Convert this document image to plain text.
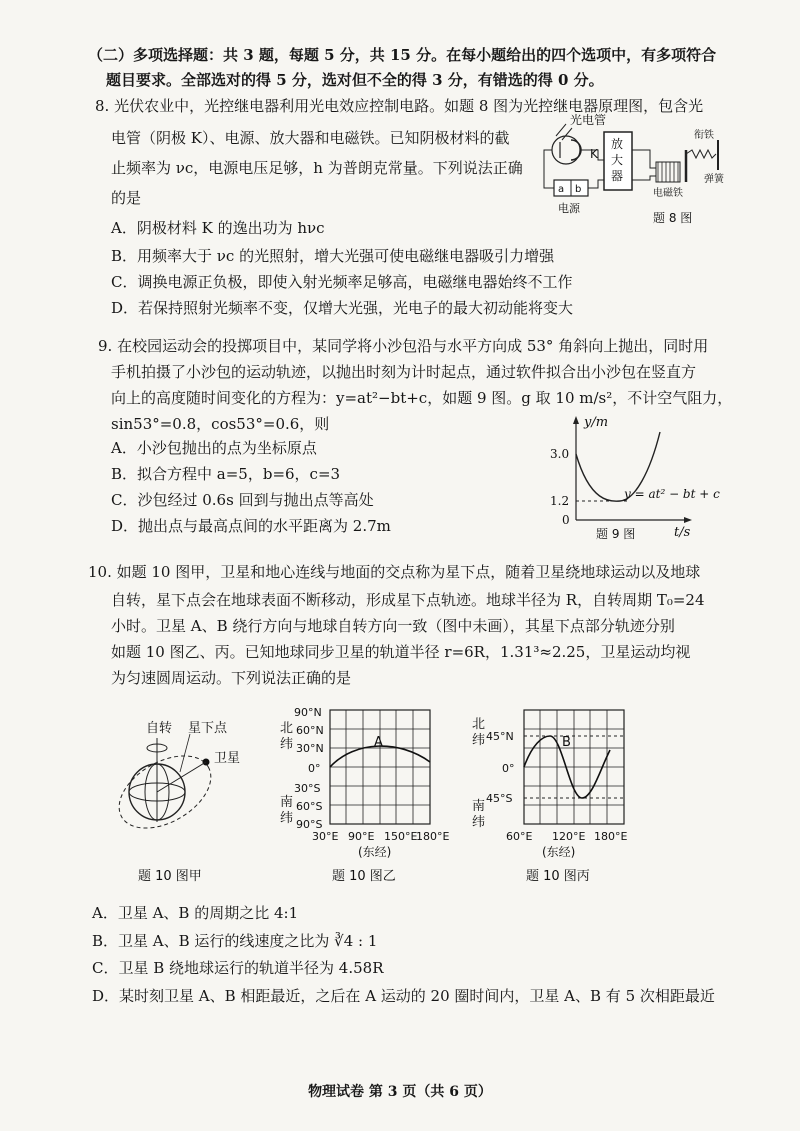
（二）多项选择题：共 3 题，每题 5 分，共 15 分。在每小题给出的四个选项中，有多项符合
题目要求。全部选对的得 5 分，选对但不全的得 3 分，有错选的得 0 分。
8. 光伏农业中，光控继电器利用光电效应控制电路。如题 8 图为光控继电器原理图，包含光
电管（阴极 K）、电源、放大器和电磁铁。已知阴极材料的截
止频率为 νc，电源电压足够，h 为普朗克常量。下列说法正确
的是
A．阴极材料 K 的逸出功为 hνc
B．用频率大于 νc 的光照射，增大光强可使电磁继电器吸引力增强
C．调换电源正负极，即使入射光频率足够高，电磁继电器始终不工作
D．若保持照射光频率不变，仅增大光强，光电子的最大初动能将变大
光电管
K
放
大
器
a b
电源
衔铁
弹簧
电磁铁
题 8 图
9. 在校园运动会的投掷项目中，某同学将小沙包沿与水平方向成 53° 角斜向上抛出，同时用
手机拍摄了小沙包的运动轨迹，以抛出时刻为计时起点，通过软件拟合出小沙包在竖直方
向上的高度随时间变化的方程为：y=at²−bt+c，如题 9 图。g 取 10 m/s²，不计空气阻力，
sin53°=0.8，cos53°=0.6，则
A．小沙包抛出的点为坐标原点
B．拟合方程中 a=5，b=6，c=3
C．沙包经过 0.6s 回到与抛出点等高处
D．抛出点与最高点间的水平距离为 2.7m
y/m
t/s
3.0
1.2
0
y = at² − bt + c
题 9 图
10. 如题 10 图甲，卫星和地心连线与地面的交点称为星下点，随着卫星绕地球运动以及地球
自转，星下点会在地球表面不断移动，形成星下点轨迹。地球半径为 R，自转周期 T₀=24
小时。卫星 A、B 绕行方向与地球自转方向一致（图中未画），其星下点部分轨迹分别
如题 10 图乙、丙。已知地球同步卫星的轨道半径 r=6R，1.31³≈2.25，卫星运动均视
为匀速圆周运动。下列说法正确的是
自转 星下点
卫星
题 10 图甲
北
纬
南
纬
90°N
60°N
30°N
0°
30°S
60°S
90°S
A
30°E 90°E 150°E
180°E
(东经)
题 10 图乙
北
纬
南
纬
45°N
0°
45°S
B
60°E 120°E 180°E
(东经)
题 10 图丙
A．卫星 A、B 的周期之比 4:1
B．卫星 A、B 运行的线速度之比为 ∛4 : 1
C．卫星 B 绕地球运行的轨道半径为 4.58R
D．某时刻卫星 A、B 相距最近，之后在 A 运动的 20 圈时间内，卫星 A、B 有 5 次相距最近
物理试卷 第 3 页（共 6 页）
